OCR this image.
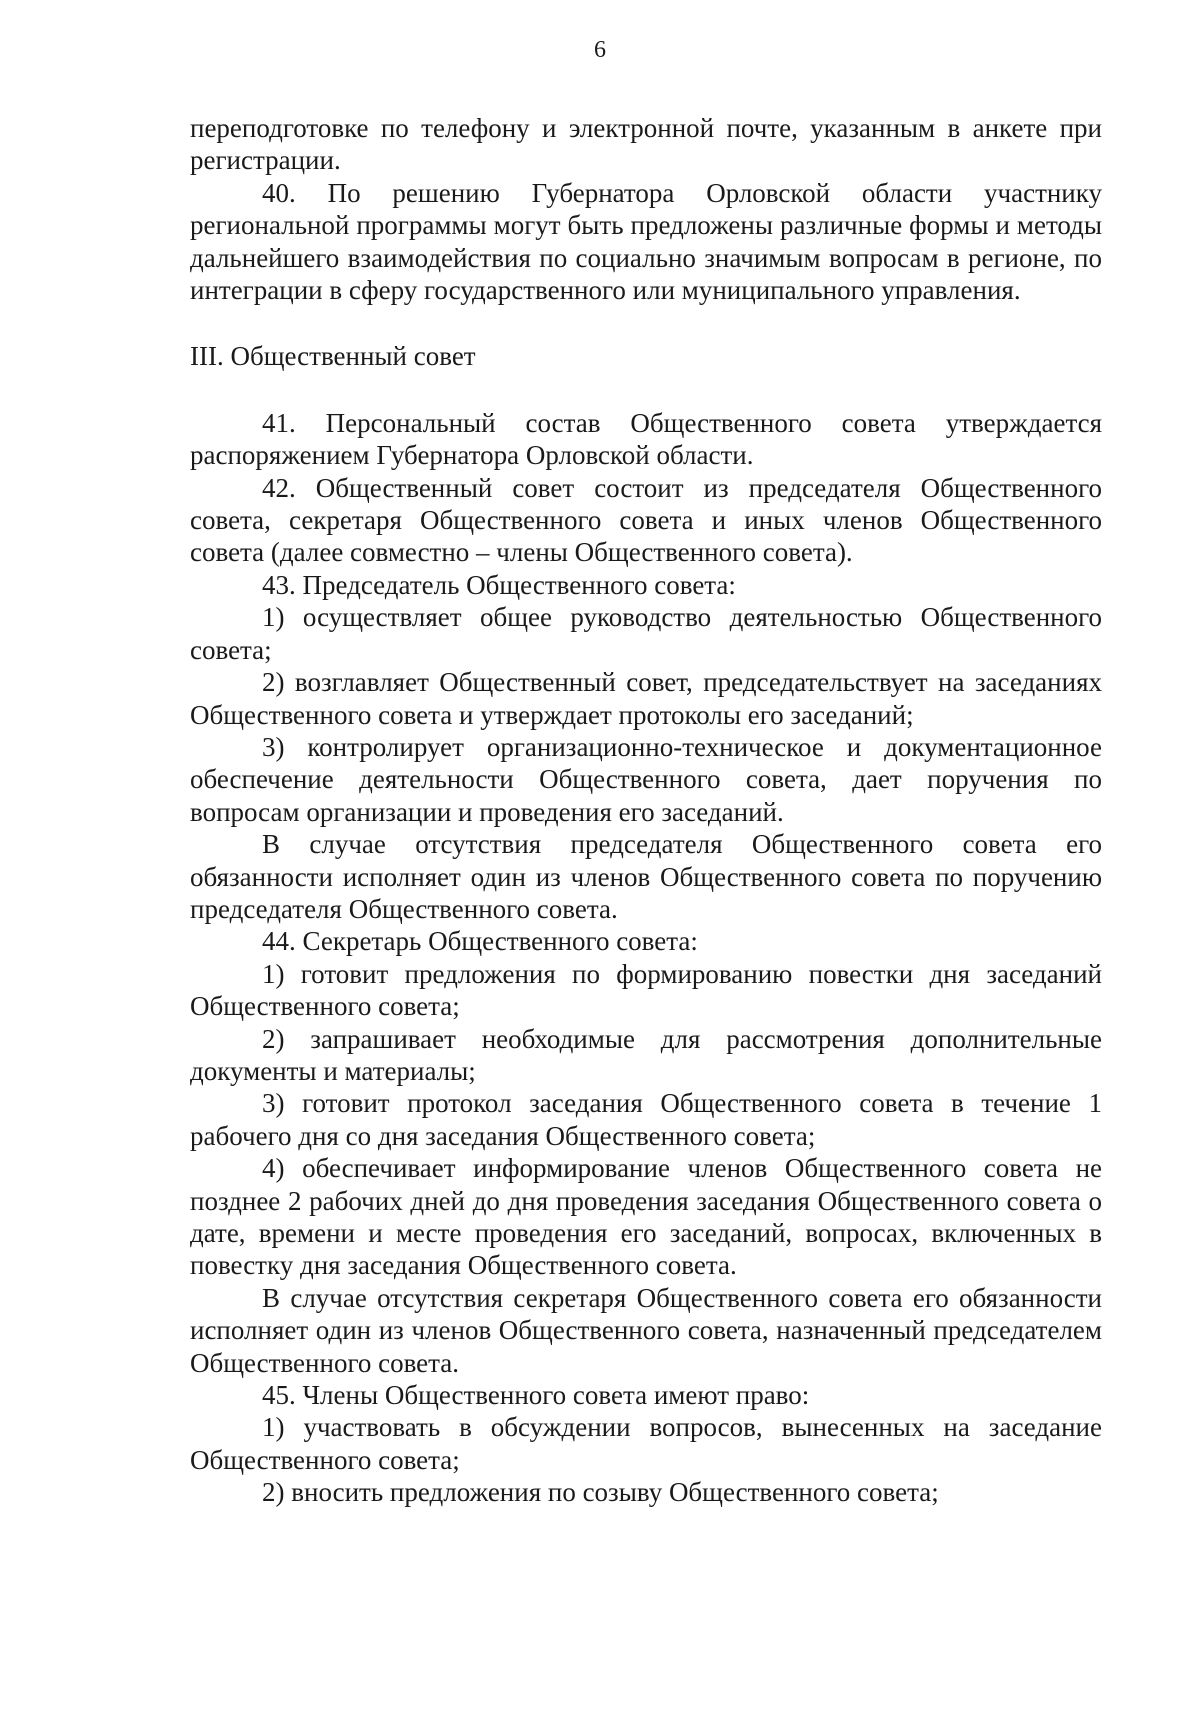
6

переподготовке по телефону и электронной почте, указанным в анкете при регистрации.

40. По решению Губернатора Орловской области участнику региональной программы могут быть предложены различные формы и методы дальнейшего взаимодействия по социально значимым вопросам в регионе, по интеграции в сферу государственного или муниципального управления.

III. Общественный совет

41. Персональный состав Общественного совета утверждается распоряжением Губернатора Орловской области.

42. Общественный совет состоит из председателя Общественного совета, секретаря Общественного совета и иных членов Общественного совета (далее совместно – члены Общественного совета).

43. Председатель Общественного совета:

1) осуществляет общее руководство деятельностью Общественного совета;

2) возглавляет Общественный совет, председательствует на заседаниях Общественного совета и утверждает протоколы его заседаний;

3) контролирует организационно-техническое и документационное обеспечение деятельности Общественного совета, дает поручения по вопросам организации и проведения его заседаний.

В случае отсутствия председателя Общественного совета его обязанности исполняет один из членов Общественного совета по поручению председателя Общественного совета.

44. Секретарь Общественного совета:

1) готовит предложения по формированию повестки дня заседаний Общественного совета;

2) запрашивает необходимые для рассмотрения дополнительные документы и материалы;

3) готовит протокол заседания Общественного совета в течение 1 рабочего дня со дня заседания Общественного совета;

4) обеспечивает информирование членов Общественного совета не позднее 2 рабочих дней до дня проведения заседания Общественного совета о дате, времени и месте проведения его заседаний, вопросах, включенных в повестку дня заседания Общественного совета.

В случае отсутствия секретаря Общественного совета его обязанности исполняет один из членов Общественного совета, назначенный председателем Общественного совета.

45. Члены Общественного совета имеют право:

1) участвовать в обсуждении вопросов, вынесенных на заседание Общественного совета;

2) вносить предложения по созыву Общественного совета;
